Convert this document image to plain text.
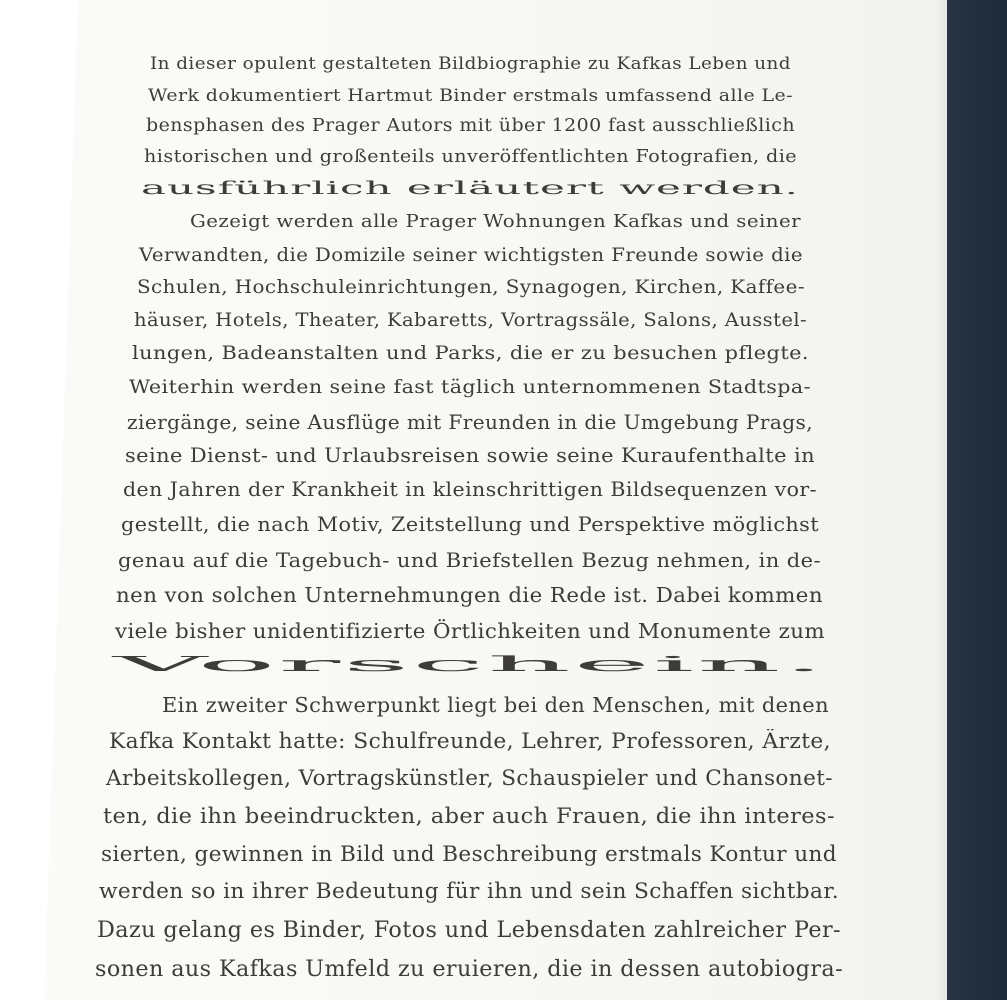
In dieser opulent gestalteten Bildbiographie zu Kafkas Leben und

Werk dokumentiert Hartmut Binder erstmals umfassend alle Le-

bensphasen des Prager Autors mit über 1200 fast ausschließlich

historischen und großenteils unveröffentlichten Fotografien, die

ausführlich erläutert werden.

Gezeigt werden alle Prager Wohnungen Kafkas und seiner

Verwandten, die Domizile seiner wichtigsten Freunde sowie die

Schulen, Hochschuleinrichtungen, Synagogen, Kirchen, Kaffee-

häuser, Hotels, Theater, Kabaretts, Vortragssäle, Salons, Ausstel-

lungen, Badeanstalten und Parks, die er zu besuchen pflegte.

Weiterhin werden seine fast täglich unternommenen Stadtspa-

ziergänge, seine Ausflüge mit Freunden in die Umgebung Prags,

seine Dienst- und Urlaubsreisen sowie seine Kuraufenthalte in

den Jahren der Krankheit in kleinschrittigen Bildsequenzen vor-

gestellt, die nach Motiv, Zeitstellung und Perspektive möglichst

genau auf die Tagebuch- und Briefstellen Bezug nehmen, in de-

nen von solchen Unternehmungen die Rede ist. Dabei kommen

viele bisher unidentifizierte Örtlichkeiten und Monumente zum

Vorschein.

Ein zweiter Schwerpunkt liegt bei den Menschen, mit denen

Kafka Kontakt hatte: Schulfreunde, Lehrer, Professoren, Ärzte,

Arbeitskollegen, Vortragskünstler, Schauspieler und Chansonet-

ten, die ihn beeindruckten, aber auch Frauen, die ihn interes-

sierten, gewinnen in Bild und Beschreibung erstmals Kontur und

werden so in ihrer Bedeutung für ihn und sein Schaffen sichtbar.

Dazu gelang es Binder, Fotos und Lebensdaten zahlreicher Per-

sonen aus Kafkas Umfeld zu eruieren, die in dessen autobiogra-
